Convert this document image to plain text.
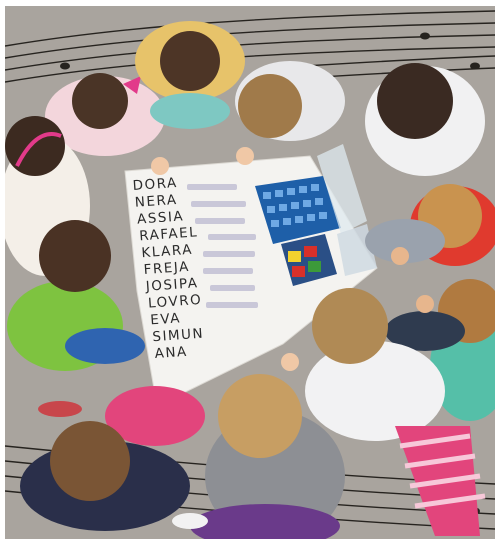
DORA
NERA
ASSIA
RAFAEL
KLARA
FREJA
JOSIPA
LOVRO
EVA
SIMUN
ANA
